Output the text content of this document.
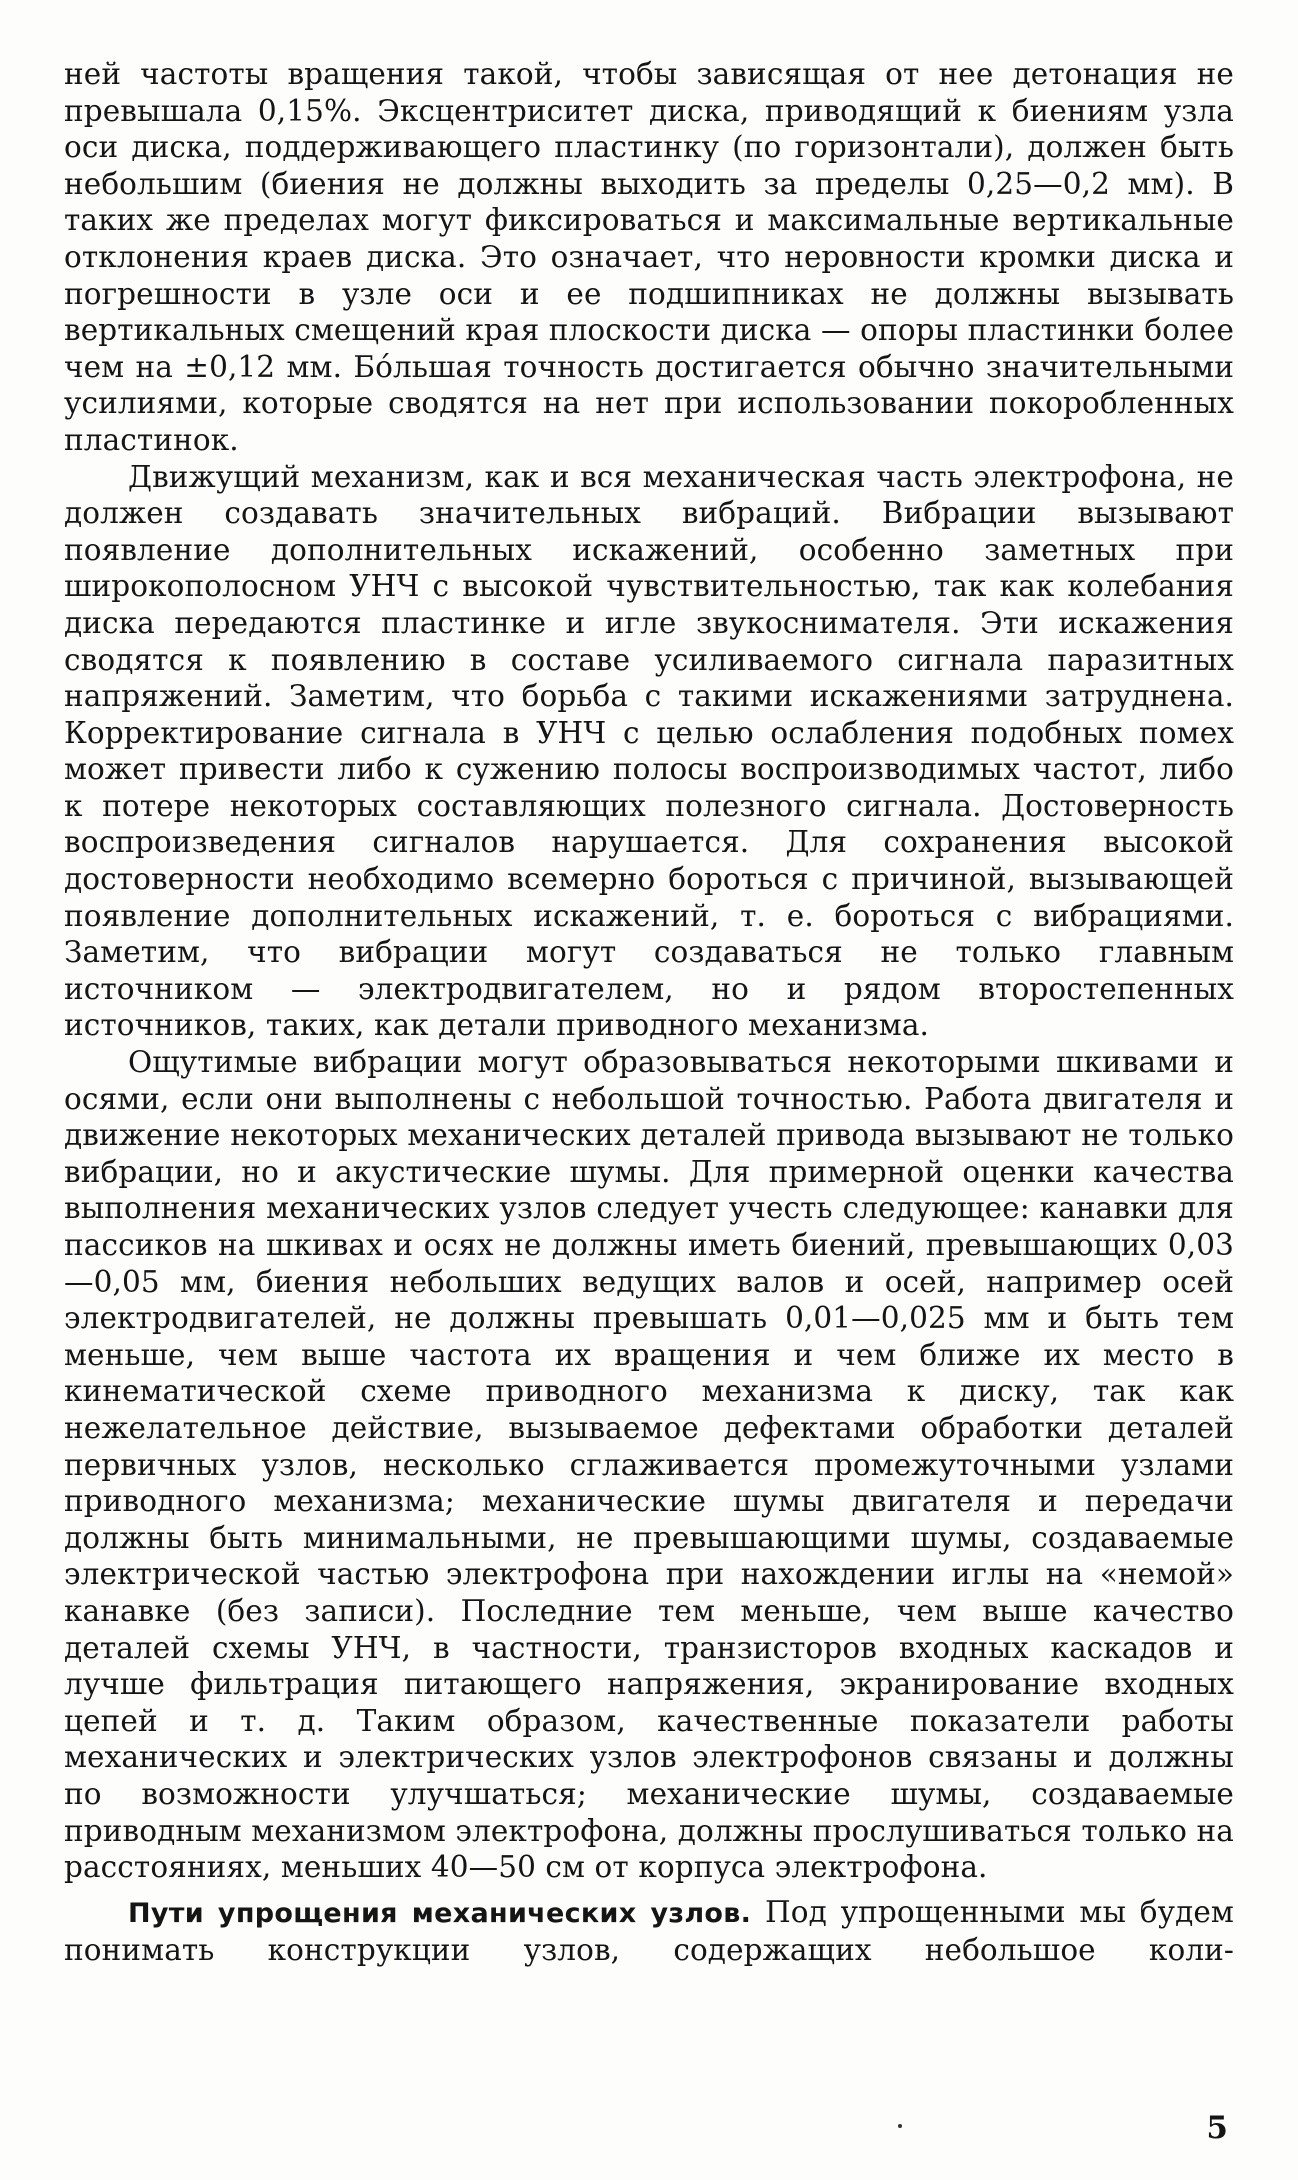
ней частоты вращения такой, чтобы зависящая от нее детонация не превышала 0,15%. Эксцентриситет диска, приводящий к биениям узла оси диска, поддерживающего пластинку (по горизонтали), должен быть небольшим (биения не должны выходить за пределы 0,25—0,2 мм). В таких же пределах могут фиксироваться и максимальные вертикальные отклонения краев диска. Это означает, что неровности кромки диска и погрешности в узле оси и ее подшипниках не должны вызывать вертикальных смещений края плоскости диска — опоры пластинки более чем на ±0,12 мм. Бо́льшая точность достигается обычно значительными усилиями, которые сводятся на нет при использовании покоробленных пластинок.

Движущий механизм, как и вся механическая часть электрофона, не должен создавать значительных вибраций. Вибрации вызывают появление дополнительных искажений, особенно заметных при широкополосном УНЧ с высокой чувствительностью, так как колебания диска передаются пластинке и игле звукоснимателя. Эти искажения сводятся к появлению в составе усиливаемого сигнала паразитных напряжений. Заметим, что борьба с такими искажениями затруднена. Корректирование сигнала в УНЧ с целью ослабления подобных помех может привести либо к сужению полосы воспроизводимых частот, либо к потере некоторых составляющих полезного сигнала. Достоверность воспроизведения сигналов нарушается. Для сохранения высокой достоверности необходимо всемерно бороться с причиной, вызывающей появление дополнительных искажений, т. е. бороться с вибрациями. Заметим, что вибрации могут создаваться не только главным источником — электродвигателем, но и рядом второстепенных источников, таких, как детали приводного механизма.

Ощутимые вибрации могут образовываться некоторыми шкивами и осями, если они выполнены с небольшой точностью. Работа двигателя и движение некоторых механических деталей привода вызывают не только вибрации, но и акустические шумы. Для примерной оценки качества выполнения механических узлов следует учесть следующее: канавки для пассиков на шкивах и осях не должны иметь биений, превышающих 0,03—0,05 мм, биения небольших ведущих валов и осей, например осей электродвигателей, не должны превышать 0,01—0,025 мм и быть тем меньше, чем выше частота их вращения и чем ближе их место в кинематической схеме приводного механизма к диску, так как нежелательное действие, вызываемое дефектами обработки деталей первичных узлов, несколько сглаживается промежуточными узлами приводного механизма; механические шумы двигателя и передачи должны быть минимальными, не превышающими шумы, создаваемые электрической частью электрофона при нахождении иглы на «немой» канавке (без записи). Последние тем меньше, чем выше качество деталей схемы УНЧ, в частности, транзисторов входных каскадов и лучше фильтрация питающего напряжения, экранирование входных цепей и т. д. Таким образом, качественные показатели работы механических и электрических узлов электрофонов связаны и должны по возможности улучшаться; механические шумы, создаваемые приводным механизмом электрофона, должны прослушиваться только на расстояниях, меньших 40—50 см от корпуса электрофона.

Пути упрощения механических узлов. Под упрощенными мы будем понимать конструкции узлов, содержащих небольшое коли-

5
